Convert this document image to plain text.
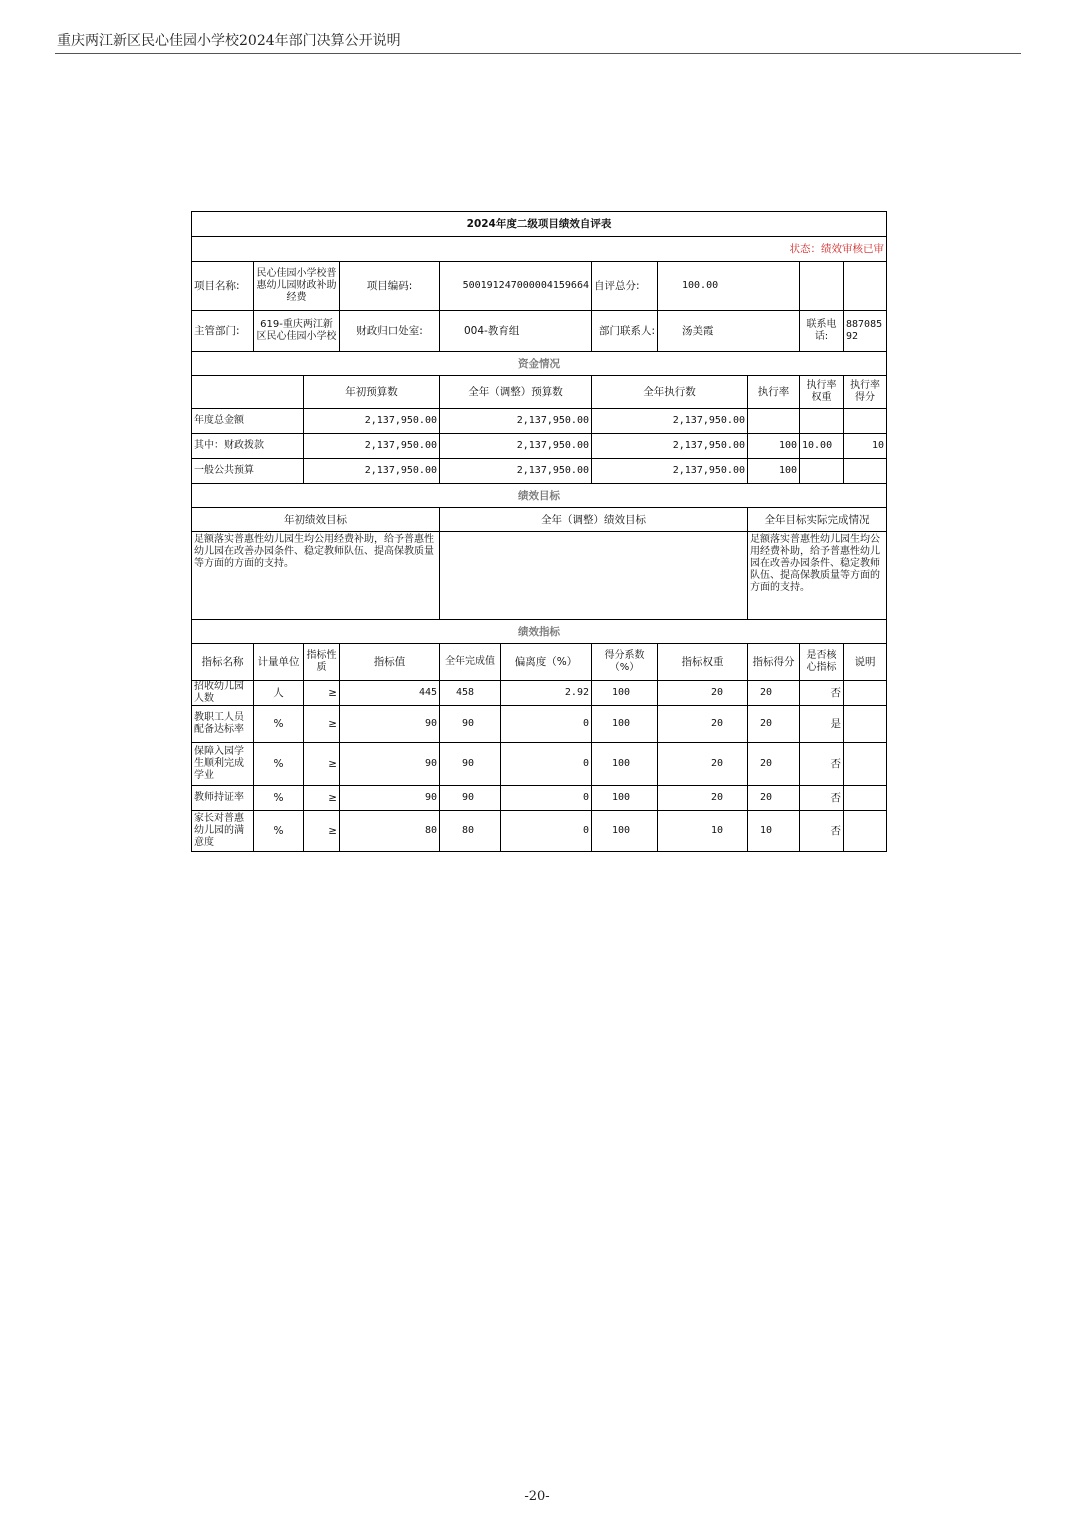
重庆两江新区民心佳园小学校2024年部门决算公开说明
2024年度二级项目绩效自评表										
状态：绩效审核已审										
项目名称:	民心佳园小学校普惠幼儿园财政补助经费		项目编码:	500191247000004159664		自评总分:	100.00			
主管部门:	619-重庆两江新区民心佳园小学校		财政归口处室:	004-教育组		部门联系人:	汤美霞		联系电话:	88708592
资金情况										
		年初预算数		全年（调整）预算数		全年执行数		执行率	执行率权重	执行率得分
年度总金额		2,137,950.00		2,137,950.00		2,137,950.00				
其中：财政拨款		2,137,950.00		2,137,950.00		2,137,950.00		100	10.00	10
一般公共预算		2,137,950.00		2,137,950.00		2,137,950.00		100		
绩效目标										
年初绩效目标				全年（调整）绩效目标				全年目标实际完成情况		
足额落实普惠性幼儿园生均公用经费补助，给予普惠性幼儿园在改善办园条件、稳定教师队伍、提高保教质量等方面的方面的支持。								足额落实普惠性幼儿园生均公用经费补助，给予普惠性幼儿园在改善办园条件、稳定教师队伍、提高保教质量等方面的方面的支持。		
绩效指标										
指标名称	计量单位	指标性质	指标值	全年完成值	偏离度（%）	得分系数（%）	指标权重	指标得分	是否核心指标	说明
招收幼儿园人数	人	≥	445	458	2.92	100	20	20	否	
教职工人员配备达标率	%	≥	90	90	0	100	20	20	是	
保障入园学生顺利完成学业	%	≥	90	90	0	100	20	20	否	
教师持证率	%	≥	90	90	0	100	20	20	否	
家长对普惠幼儿园的满意度	%	≥	80	80	0	100	10	10	否	
-20-
